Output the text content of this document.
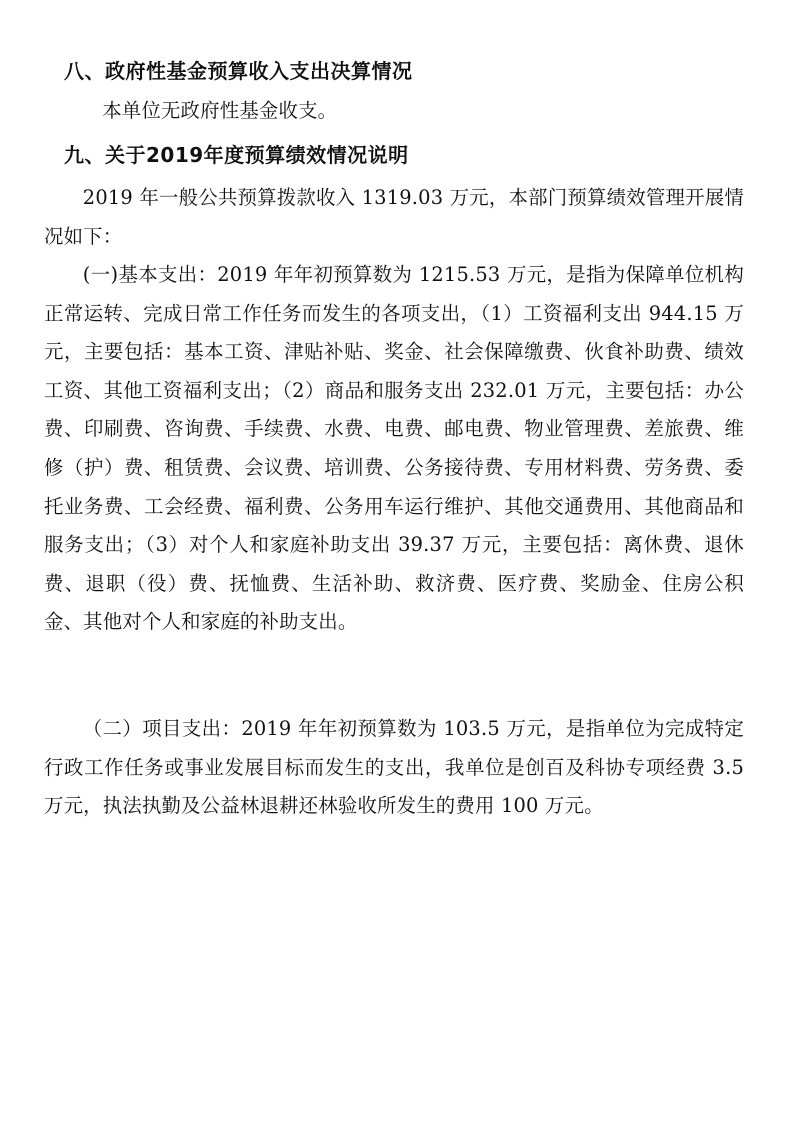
八、政府性基金预算收入支出决算情况

本单位无政府性基金收支。

九、关于2019年度预算绩效情况说明

2019 年一般公共预算拨款收入 1319.03 万元，本部门预算绩效管理开展情况如下：

(一)基本支出：2019 年年初预算数为 1215.53 万元，是指为保障单位机构正常运转、完成日常工作任务而发生的各项支出，（1）工资福利支出 944.15 万元，主要包括：基本工资、津贴补贴、奖金、社会保障缴费、伙食补助费、绩效工资、其他工资福利支出；（2）商品和服务支出 232.01 万元，主要包括：办公费、印刷费、咨询费、手续费、水费、电费、邮电费、物业管理费、差旅费、维修（护）费、租赁费、会议费、培训费、公务接待费、专用材料费、劳务费、委托业务费、工会经费、福利费、公务用车运行维护、其他交通费用、其他商品和服务支出；（3）对个人和家庭补助支出 39.37 万元，主要包括：离休费、退休费、退职（役）费、抚恤费、生活补助、救济费、医疗费、奖励金、住房公积金、其他对个人和家庭的补助支出。

（二）项目支出：2019 年年初预算数为 103.5 万元，是指单位为完成特定行政工作任务或事业发展目标而发生的支出，我单位是创百及科协专项经费 3.5 万元，执法执勤及公益林退耕还林验收所发生的费用 100 万元。
